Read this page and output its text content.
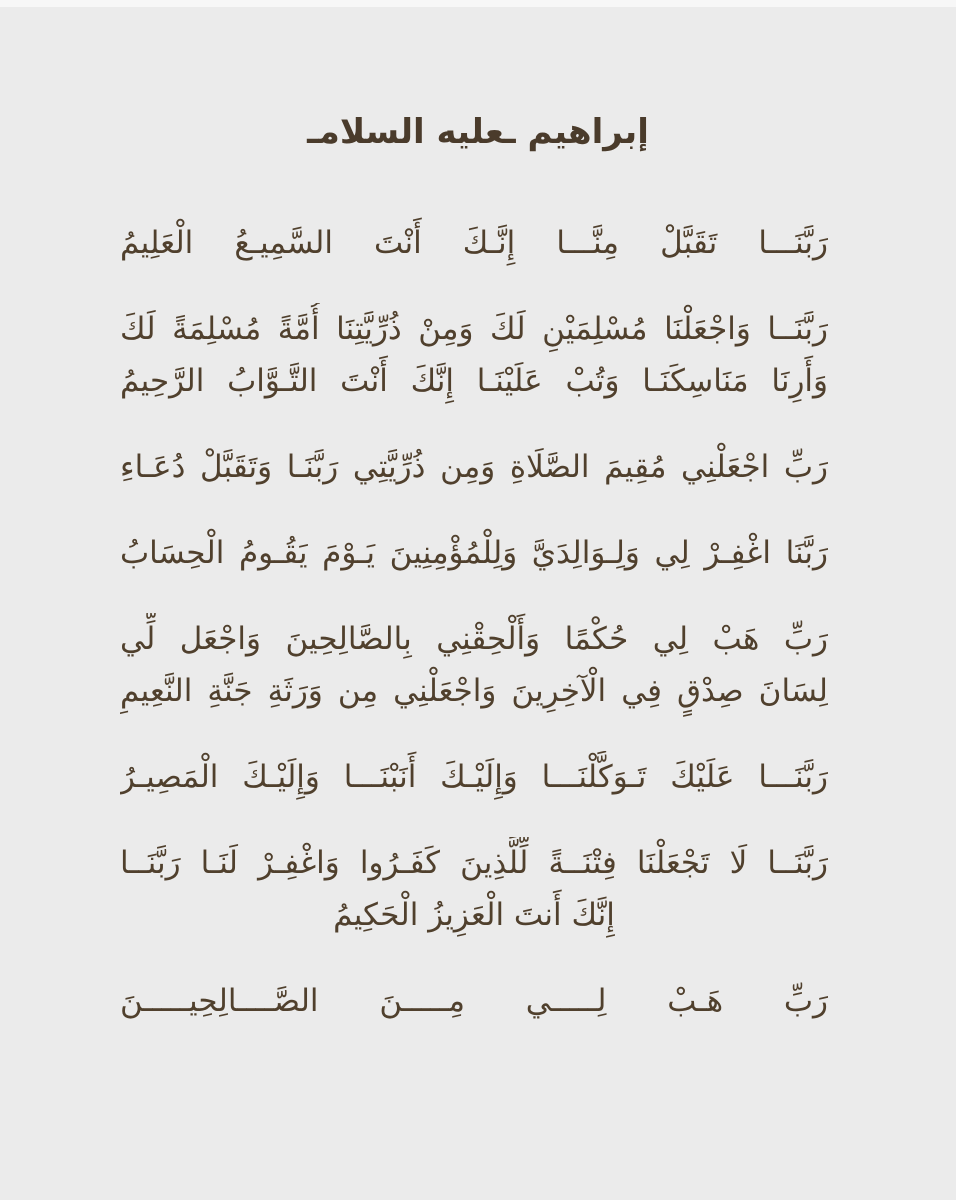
إبراهيم ـعليه السلامـ
رَبَّنَـــا تَقَبَّلْ مِنَّـــا إِنَّـكَ أَنْتَ السَّمِيـعُ الْعَلِيمُ
رَبَّنَــا وَاجْعَلْنَا مُسْلِمَيْنِ لَكَ وَمِنْ ذُرِّيَّتِنَا أُمَّةً مُسْلِمَةً لَكَ
وَأَرِنَا مَنَاسِكَنَـا وَتُبْ عَلَيْنَـا إِنَّكَ أَنْتَ التَّـوَّابُ الرَّحِيمُ
رَبِّ اجْعَلْنِي مُقِيمَ الصَّلَاةِ وَمِن ذُرِّيَّتِي رَبَّنَـا وَتَقَبَّلْ دُعَـاءِ
رَبَّنَا اغْفِـرْ لِي وَلِـوَالِدَيَّ وَلِلْمُؤْمِنِينَ يَـوْمَ يَقُـومُ الْحِسَابُ
رَبِّ هَبْ لِي حُكْمًا وَأَلْحِقْنِي بِالصَّالِحِينَ وَاجْعَل لِّي
لِسَانَ صِدْقٍ فِي الْآخِرِينَ وَاجْعَلْنِي مِن وَرَثَةِ جَنَّةِ النَّعِيمِ
رَبَّنَـــا عَلَيْكَ تَـوَكَّلْنَـــا وَإِلَيْـكَ أَنَبْنَـــا وَإِلَيْـكَ الْمَصِيـرُ
رَبَّنَــا لَا تَجْعَلْنَا فِتْنَــةً لِّلَّذِينَ كَفَـرُوا وَاغْفِـرْ لَنَـا رَبَّنَــا
إِنَّكَ أَنتَ الْعَزِيزُ الْحَكِيمُ
رَبِّ هَـبْ لِـــــي مِـــــنَ الصَّــــالِحِيـــــنَ
